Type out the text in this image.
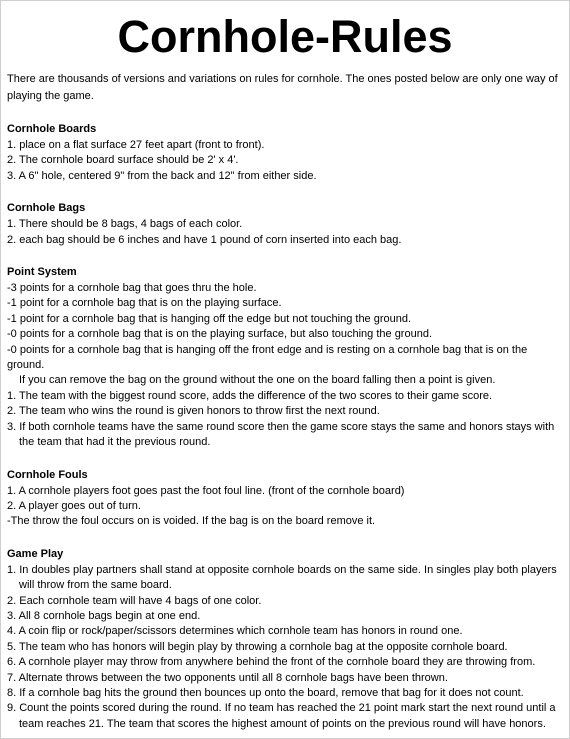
Cornhole-Rules

There are thousands of versions and variations on rules for cornhole. The ones posted below are only one way of playing the game.

Cornhole Boards

1. place on a flat surface 27 feet apart (front to front).

2. The cornhole board surface should be 2' x 4'.

3. A 6" hole, centered 9" from the back and 12" from either side.

Cornhole Bags

1. There should be 8 bags, 4 bags of each color.

2. each bag should be 6 inches and have 1 pound of corn inserted into each bag.

Point System

-3 points for a cornhole bag that goes thru the hole.

-1 point for a cornhole bag that is on the playing surface.

-1 point for a cornhole bag that is hanging off the edge but not touching the ground.

-0 points for a cornhole bag that is on the playing surface, but also touching the ground.

-0 points for a cornhole bag that is hanging off the front edge and is resting on a cornhole bag that is on the ground.

If you can remove the bag on the ground without the one on the board falling then a point is given.

1. The team with the biggest round score, adds the difference of the two scores to their game score.

2. The team who wins the round is given honors to throw first the next round.

3. If both cornhole teams have the same round score then the game score stays the same and honors stays with

the team that had it the previous round.

Cornhole Fouls

1. A cornhole players foot goes past the foot foul line. (front of the cornhole board)

2. A player goes out of turn.

-The throw the foul occurs on is voided. If the bag is on the board remove it.

Game Play

1. In doubles play partners shall stand at opposite cornhole boards on the same side. In singles play both players

will throw from the same board.

2. Each cornhole team will have 4 bags of one color.

3. All 8 cornhole bags begin at one end.

4. A coin flip or rock/paper/scissors determines which cornhole team has honors in round one.

5. The team who has honors will begin play by throwing a cornhole bag at the opposite cornhole board.

6. A cornhole player may throw from anywhere behind the front of the cornhole board they are throwing from.

7. Alternate throws between the two opponents until all 8 cornhole bags have been thrown.

8. If a cornhole bag hits the ground then bounces up onto the board, remove that bag for it does not count.

9. Count the points scored during the round. If no team has reached the 21 point mark start the next round until a

team reaches 21. The team that scores the highest amount of points on the previous round will have honors.
